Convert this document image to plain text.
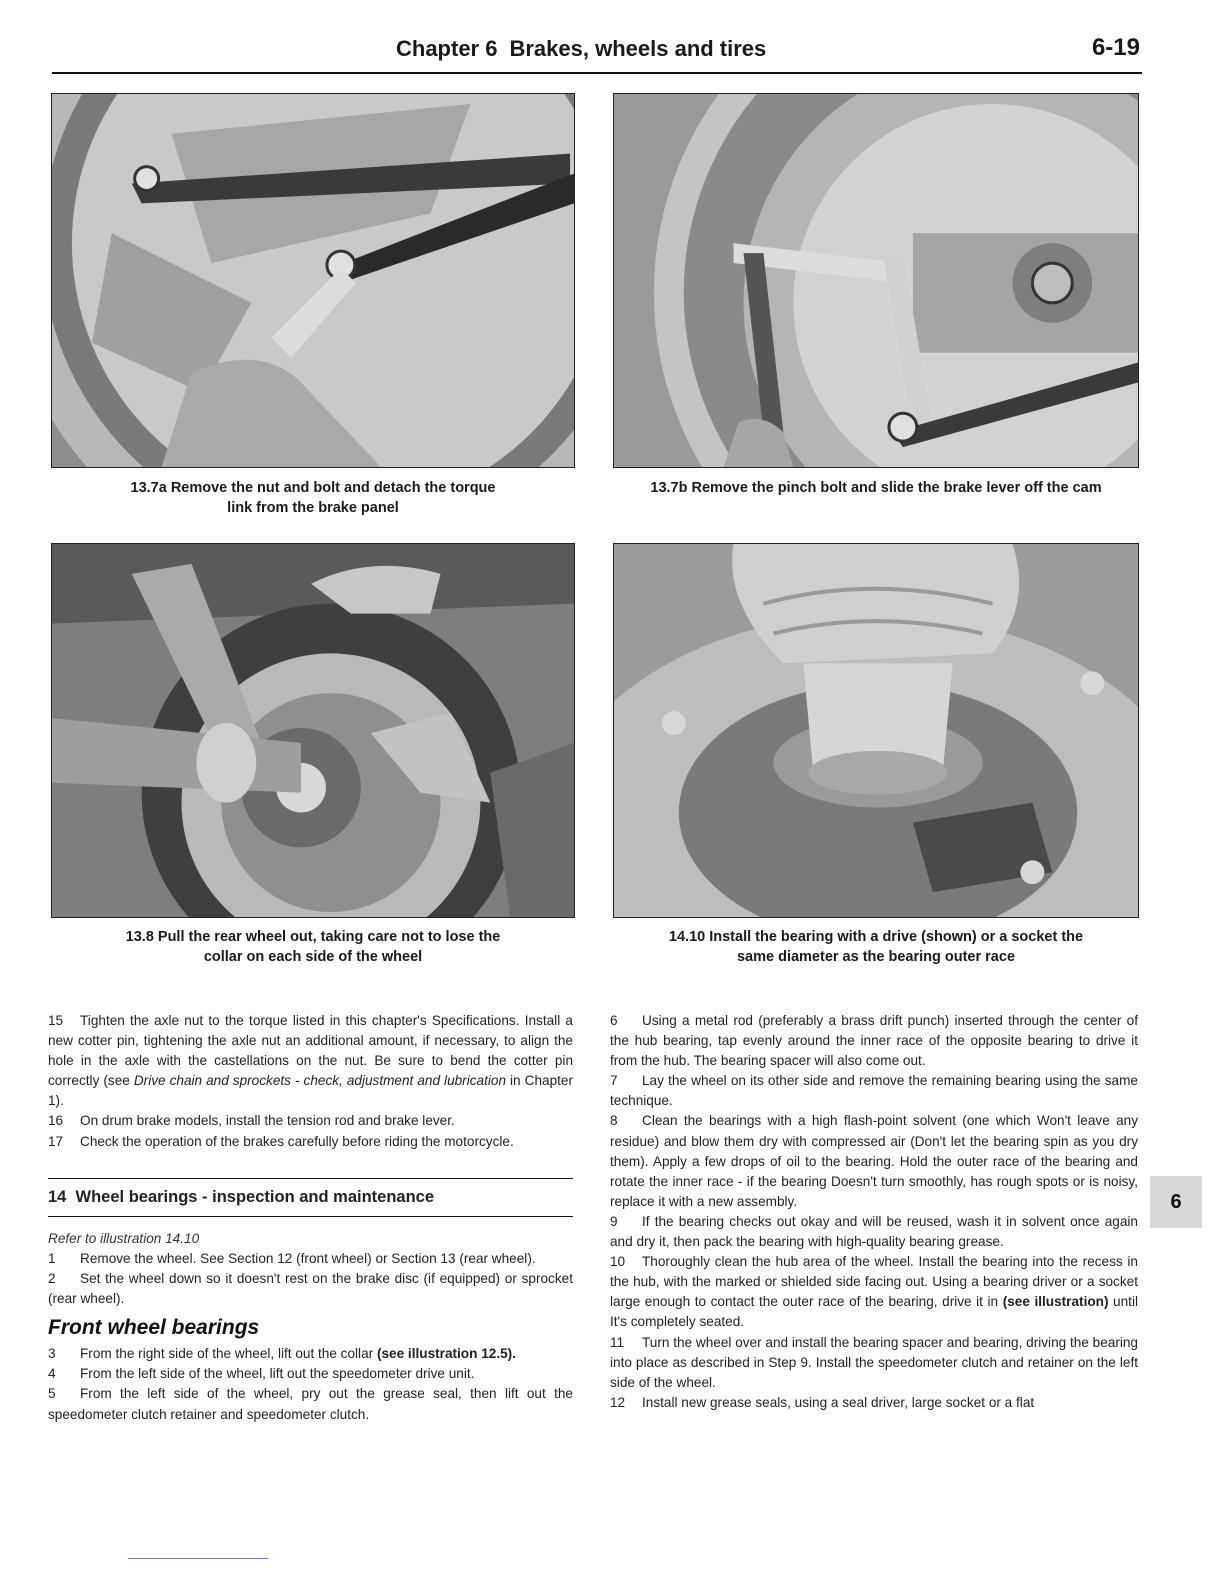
Chapter 6 Brakes, wheels and tires	6-19
13.7a Remove the nut and bolt and detach the torque
link from the brake panel
13.7b Remove the pinch bolt and slide the brake lever off the cam
13.8 Pull the rear wheel out, taking care not to lose the
collar on each side of the wheel
14.10 Install the bearing with a drive (shown) or a socket the
same diameter as the bearing outer race

15 Tighten the axle nut to the torque listed in this chapter's Specifications. Install a new cotter pin, tightening the axle nut an additional amount, if necessary, to align the hole in the axle with the castellations on the nut. Be sure to bend the cotter pin correctly (see Drive chain and sprockets - check, adjustment and lubrication in Chapter 1).

16 On drum brake models, install the tension rod and brake lever.

17 Check the operation of the brakes carefully before riding the motorcycle.

14 Wheel bearings - inspection and maintenance

Refer to illustration 14.10

1 Remove the wheel. See Section 12 (front wheel) or Section 13 (rear wheel).

2 Set the wheel down so it doesn't rest on the brake disc (if equipped) or sprocket (rear wheel).

Front wheel bearings

3 From the right side of the wheel, lift out the collar (see illustration 12.5).

4 From the left side of the wheel, lift out the speedometer drive unit.

5 From the left side of the wheel, pry out the grease seal, then lift out the speedometer clutch retainer and speedometer clutch.

6 Using a metal rod (preferably a brass drift punch) inserted through the center of the hub bearing, tap evenly around the inner race of the opposite bearing to drive it from the hub. The bearing spacer will also come out.

7 Lay the wheel on its other side and remove the remaining bearing using the same technique.

8 Clean the bearings with a high flash-point solvent (one which Won't leave any residue) and blow them dry with compressed air (Don't let the bearing spin as you dry them). Apply a few drops of oil to the bearing. Hold the outer race of the bearing and rotate the inner race - if the bearing Doesn't turn smoothly, has rough spots or is noisy, replace it with a new assembly.

9 If the bearing checks out okay and will be reused, wash it in solvent once again and dry it, then pack the bearing with high-quality bearing grease.

10 Thoroughly clean the hub area of the wheel. Install the bearing into the recess in the hub, with the marked or shielded side facing out. Using a bearing driver or a socket large enough to contact the outer race of the bearing, drive it in (see illustration) until It's completely seated.

11 Turn the wheel over and install the bearing spacer and bearing, driving the bearing into place as described in Step 9. Install the speedometer clutch and retainer on the left side of the wheel.

12 Install new grease seals, using a seal driver, large socket or a flat

6
